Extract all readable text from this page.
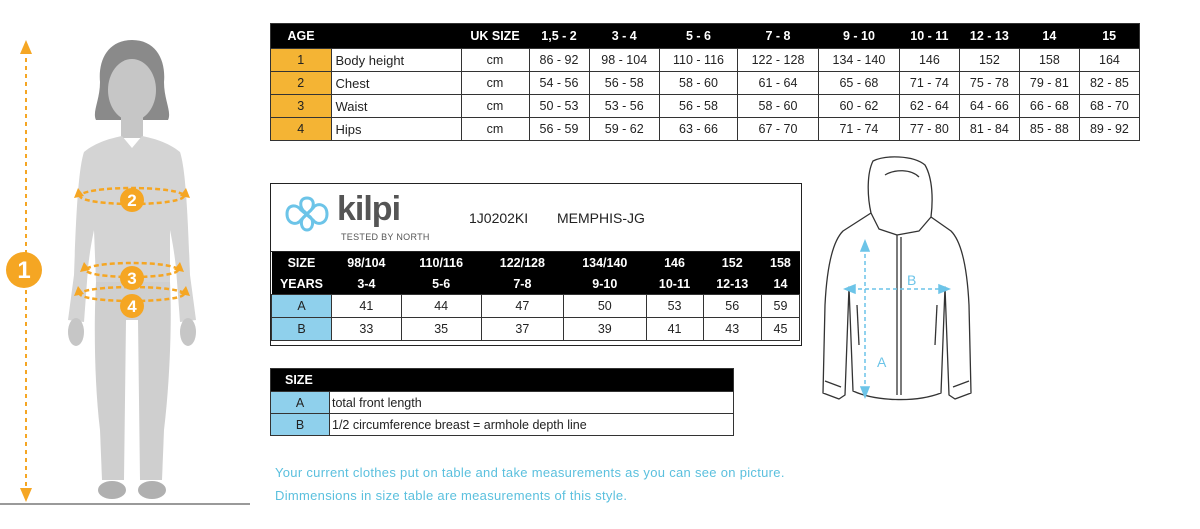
1
2
3
4
AGE		UK SIZE	1,5 - 2	3 - 4	5 - 6	7 - 8	9 - 10	10 - 11	12 - 13	14	15
1	Body height	cm	86 - 92	98 - 104	110 - 116	122 - 128	134 - 140	146	152	158	164
2	Chest	cm	54 - 56	56 - 58	58 - 60	61 - 64	65 - 68	71 - 74	75 - 78	79 - 81	82 - 85
3	Waist	cm	50 - 53	53 - 56	56 - 58	58 - 60	60 - 62	62 - 64	64 - 66	66 - 68	68 - 70
4	Hips	cm	56 - 59	59 - 62	63 - 66	67 - 70	71 - 74	77 - 80	81 - 84	85 - 88	89 - 92
kilpi
TESTED BY NORTH
1J0202KI MEMPHIS-JG
SIZE	98/104	110/116	122/128	134/140	146	152	158
YEARS	3-4	5-6	7-8	9-10	10-11	12-13	14
A	41	44	47	50	53	56	59
B	33	35	37	39	41	43	45
A
B
SIZE	
A	total front length
B	1/2 circumference breast = armhole depth line
Your current clothes put on table and take measurements as you can see on picture.
Dimmensions in size table are measurements of this style.
